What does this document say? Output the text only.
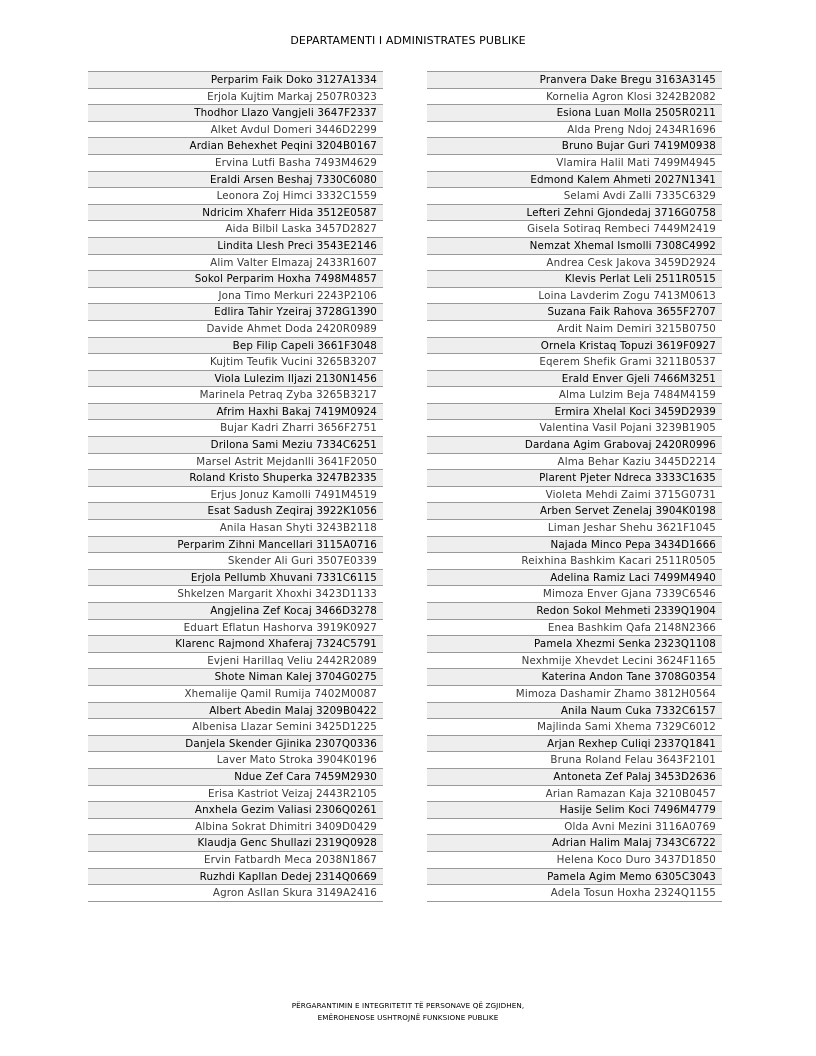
DEPARTAMENTI I ADMINISTRATES PUBLIKE
Perparim Faik Doko 3127A1334
Erjola Kujtim Markaj 2507R0323
Thodhor Llazo Vangjeli 3647F2337
Alket Avdul Domeri 3446D2299
Ardian Behexhet Peqini 3204B0167
Ervina Lutfi Basha 7493M4629
Eraldi Arsen Beshaj 7330C6080
Leonora Zoj Himci 3332C1559
Ndricim Xhaferr Hida 3512E0587
Aida Bilbil Laska 3457D2827
Lindita Llesh Preci 3543E2146
Alim Valter Elmazaj 2433R1607
Sokol Perparim Hoxha 7498M4857
Jona Timo Merkuri 2243P2106
Edlira Tahir Yzeiraj 3728G1390
Davide Ahmet Doda 2420R0989
Bep Filip Capeli 3661F3048
Kujtim Teufik Vucini 3265B3207
Viola Lulezim Iljazi 2130N1456
Marinela Petraq Zyba 3265B3217
Afrim Haxhi Bakaj 7419M0924
Bujar Kadri Zharri 3656F2751
Drilona Sami Meziu 7334C6251
Marsel Astrit Mejdanlli 3641F2050
Roland Kristo Shuperka 3247B2335
Erjus Jonuz Kamolli 7491M4519
Esat Sadush Zeqiraj 3922K1056
Anila Hasan Shyti 3243B2118
Perparim Zihni Mancellari 3115A0716
Skender Ali Guri 3507E0339
Erjola Pellumb Xhuvani 7331C6115
Shkelzen Margarit Xhoxhi 3423D1133
Angjelina Zef Kocaj 3466D3278
Eduart Eflatun Hashorva 3919K0927
Klarenc Rajmond Xhaferaj 7324C5791
Evjeni Harillaq Veliu 2442R2089
Shote Niman Kalej 3704G0275
Xhemalije Qamil Rumija 7402M0087
Albert Abedin Malaj 3209B0422
Albenisa Llazar Semini 3425D1225
Danjela Skender Gjinika 2307Q0336
Laver Mato Stroka 3904K0196
Ndue Zef Cara 7459M2930
Erisa Kastriot Veizaj 2443R2105
Anxhela Gezim Valiasi 2306Q0261
Albina Sokrat Dhimitri 3409D0429
Klaudja Genc Shullazi 2319Q0928
Ervin Fatbardh Meca 2038N1867
Ruzhdi Kapllan Dedej 2314Q0669
Agron Asllan Skura 3149A2416
Pranvera Dake Bregu 3163A3145
Kornelia Agron Klosi 3242B2082
Esiona Luan Molla 2505R0211
Alda Preng Ndoj 2434R1696
Bruno Bujar Guri 7419M0938
Vlamira Halil Mati 7499M4945
Edmond Kalem Ahmeti 2027N1341
Selami Avdi Zalli 7335C6329
Lefteri Zehni Gjondedaj 3716G0758
Gisela Sotiraq Rembeci 7449M2419
Nemzat Xhemal Ismolli 7308C4992
Andrea Cesk Jakova 3459D2924
Klevis Perlat Leli 2511R0515
Loina Lavderim Zogu 7413M0613
Suzana Faik Rahova 3655F2707
Ardit Naim Demiri 3215B0750
Ornela Kristaq Topuzi 3619F0927
Eqerem Shefik Grami 3211B0537
Erald Enver Gjeli 7466M3251
Alma Lulzim Beja 7484M4159
Ermira Xhelal Koci 3459D2939
Valentina Vasil Pojani 3239B1905
Dardana Agim Grabovaj 2420R0996
Alma Behar Kaziu 3445D2214
Plarent Pjeter Ndreca 3333C1635
Violeta Mehdi Zaimi 3715G0731
Arben Servet Zenelaj 3904K0198
Liman Jeshar Shehu 3621F1045
Najada Minco Pepa 3434D1666
Reixhina Bashkim Kacari 2511R0505
Adelina Ramiz Laci 7499M4940
Mimoza Enver Gjana 7339C6546
Redon Sokol Mehmeti 2339Q1904
Enea Bashkim Qafa 2148N2366
Pamela Xhezmi Senka 2323Q1108
Nexhmije Xhevdet Lecini 3624F1165
Katerina Andon Tane 3708G0354
Mimoza Dashamir Zhamo 3812H0564
Anila Naum Cuka 7332C6157
Majlinda Sami Xhema 7329C6012
Arjan Rexhep Culiqi 2337Q1841
Bruna Roland Felau 3643F2101
Antoneta Zef Palaj 3453D2636
Arian Ramazan Kaja 3210B0457
Hasije Selim Koci 7496M4779
Olda Avni Mezini 3116A0769
Adrian Halim Malaj 7343C6722
Helena Koco Duro 3437D1850
Pamela Agim Memo 6305C3043
Adela Tosun Hoxha 2324Q1155
PËRGARANTIMIN E INTEGRITETIT TË PERSONAVE QË ZGJIDHEN,
EMËROHENOSE USHTROJNË FUNKSIONE PUBLIKE
